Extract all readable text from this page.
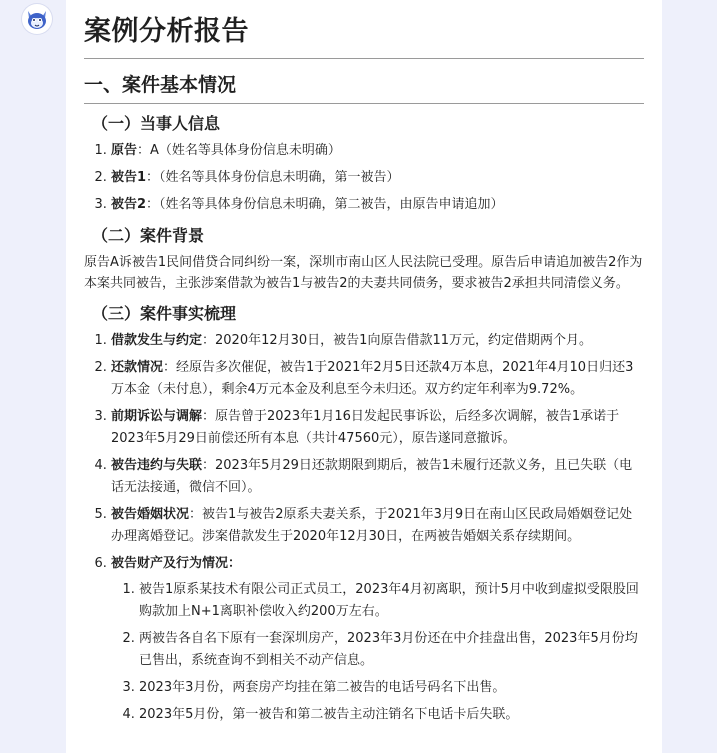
案例分析报告
一、案件基本情况
（一）当事人信息
1. 原告：A（姓名等具体身份信息未明确）
2. 被告1：（姓名等具体身份信息未明确，第一被告）
3. 被告2：（姓名等具体身份信息未明确，第二被告，由原告申请追加）
（二）案件背景

原告A诉被告1民间借贷合同纠纷一案，深圳市南山区人民法院已受理。原告后申请追加被告2作为本案共同被告，主张涉案借款为被告1与被告2的夫妻共同债务，要求被告2承担共同清偿义务。

（三）案件事实梳理
1. 借款发生与约定：2020年12月30日，被告1向原告借款11万元，约定借期两个月。
2. 还款情况：经原告多次催促，被告1于2021年2月5日还款4万本息，2021年4月10日归还3万本金（未付息），剩余4万元本金及利息至今未归还。双方约定年利率为9.72%。
3. 前期诉讼与调解：原告曾于2023年1月16日发起民事诉讼，后经多次调解，被告1承诺于2023年5月29日前偿还所有本息（共计47560元），原告遂同意撤诉。
4. 被告违约与失联：2023年5月29日还款期限到期后，被告1未履行还款义务，且已失联（电话无法接通，微信不回）。
5. 被告婚姻状况：被告1与被告2原系夫妻关系，于2021年3月9日在南山区民政局婚姻登记处办理离婚登记。涉案借款发生于2020年12月30日，在两被告婚姻关系存续期间。
6. 被告财产及行为情况：
1. 被告1原系某技术有限公司正式员工，2023年4月初离职，预计5月中收到虚拟受限股回购款加上N+1离职补偿收入约200万左右。
2. 两被告各自名下原有一套深圳房产，2023年3月份还在中介挂盘出售，2023年5月份均已售出，系统查询不到相关不动产信息。
3. 2023年3月份，两套房产均挂在第二被告的电话号码名下出售。
4. 2023年5月份，第一被告和第二被告主动注销名下电话卡后失联。
